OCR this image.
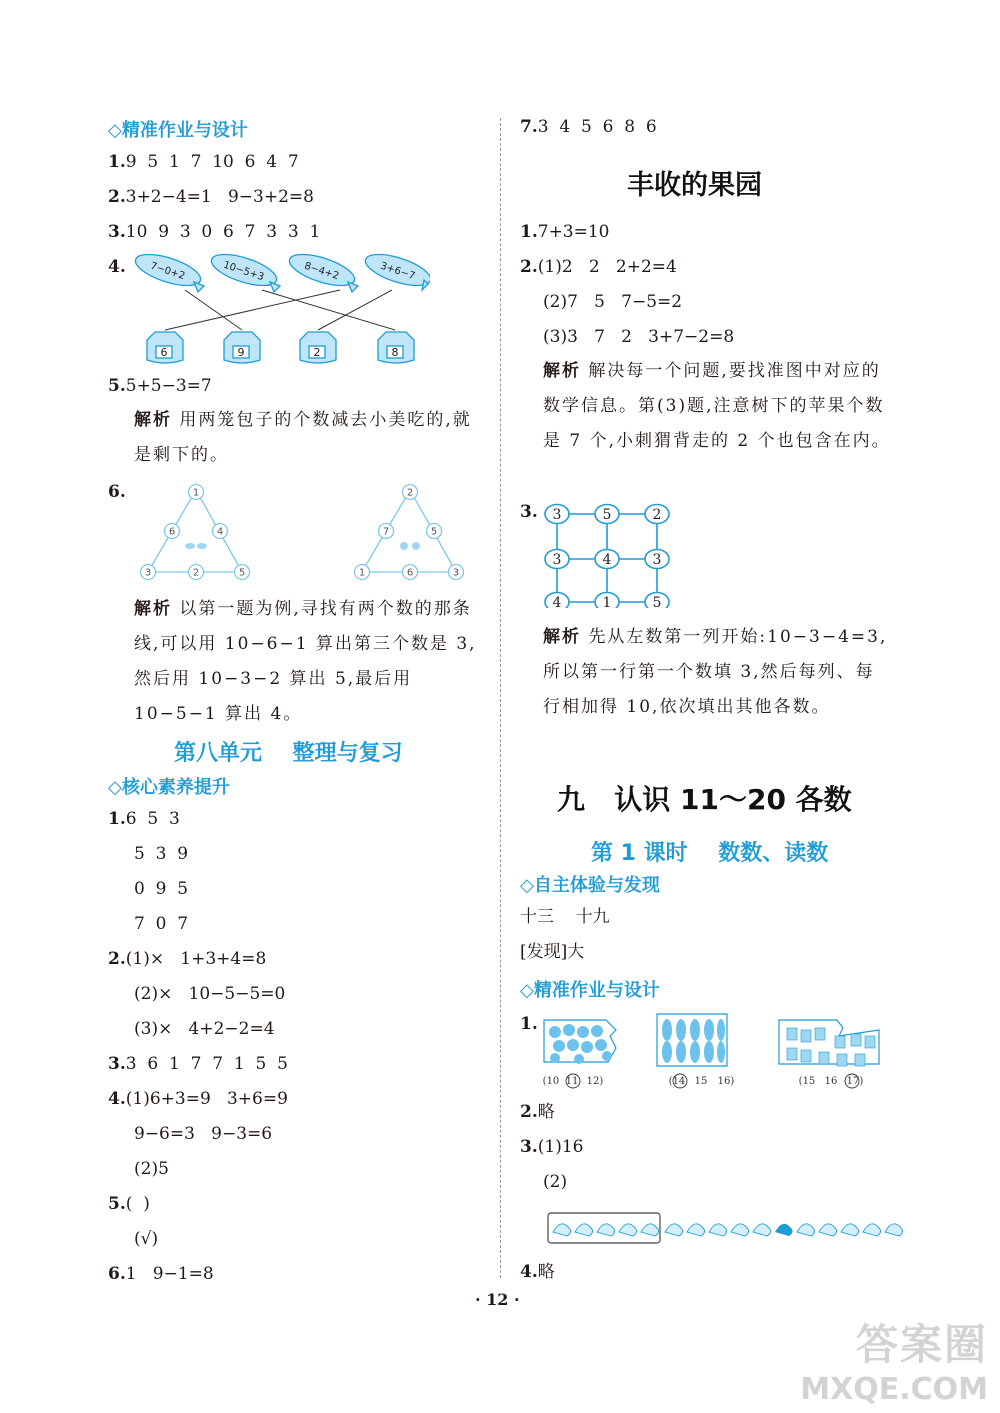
◇精准作业与设计
1.9  5  1  7  10  6  4  7
2.3+2−4=1   9−3+2=8
3.10  9  3  0  6  7  3  3  1
4. 7−0+2	10−5+3	8−4+2	3+6−7
6	9	2	8
5.5+5−3=7
解析 用两笼包子的个数减去小美吃的,就是剩下的。
6.	1
6	4
3	2	5
2
7	5
1	6	3
解析 以第一题为例,寻找有两个数的那条线,可以用 10−6−1 算出第三个数是 3,然后用 10−3−2 算出 5,最后用 10−5−1 算出 4。
第八单元    整理与复习
◇核心素养提升
1.6  5  3
5  3  9
0  9  5
7  0  7
2.(1)×   1+3+4=8
(2)×   10−5−5=0
(3)×   4+2−2=4
3.3  6  1  7  7  1  5  5
4.(1)6+3=9   3+6=9
9−6=3   9−3=6
(2)5
5.(  )
(√)
6.1   9−1=8
7.3  4  5  6  8  6
丰收的果园
1.7+3=10
2.(1)2   2   2+2=4
(2)7   5   7−5=2
(3)3   7   2   3+7−2=8
解析 解决每一个问题,要找准图中对应的数学信息。第(3)题,注意树下的苹果个数是 7 个,小刺猬背走的 2 个也包含在内。
3. 3	5	2
3	4	3
4	1	5
解析 先从左数第一列开始:10−3−4=3,所以第一行第一个数填 3,然后每列、每行相加得 10,依次填出其他各数。
九   认识 11～20 各数
第 1 课时    数数、读数
◇自主体验与发现
十三    十九
[发现]大
◇精准作业与设计
1.
(10 11 12)	(14 15 16)	(15 16 17)
2.略
3.(1)16
(2)
4.略
· 12 ·
答案圈
MXQE.COM
